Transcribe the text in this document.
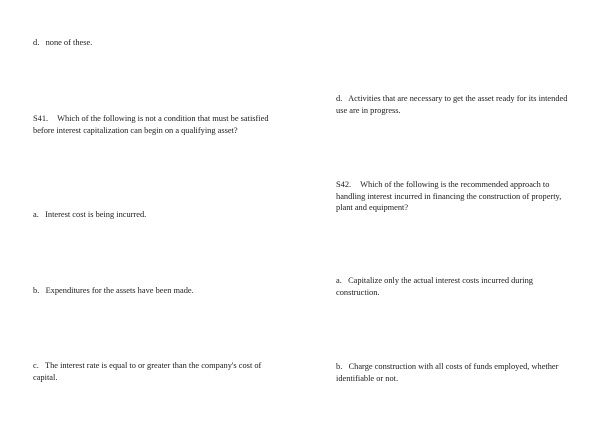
d. none of these.

S41. Which of the following is not a condition that must be satisfied before interest capitalization can begin on a qualifying asset?

a. Interest cost is being incurred.

b. Expenditures for the assets have been made.

c. The interest rate is equal to or greater than the company's cost of capital.

d. Activities that are necessary to get the asset ready for its intended use are in progress.

S42. Which of the following is the recommended approach to handling interest incurred in financing the construction of property, plant and equipment?

a. Capitalize only the actual interest costs incurred during construction.

b. Charge construction with all costs of funds employed, whether identifiable or not.
